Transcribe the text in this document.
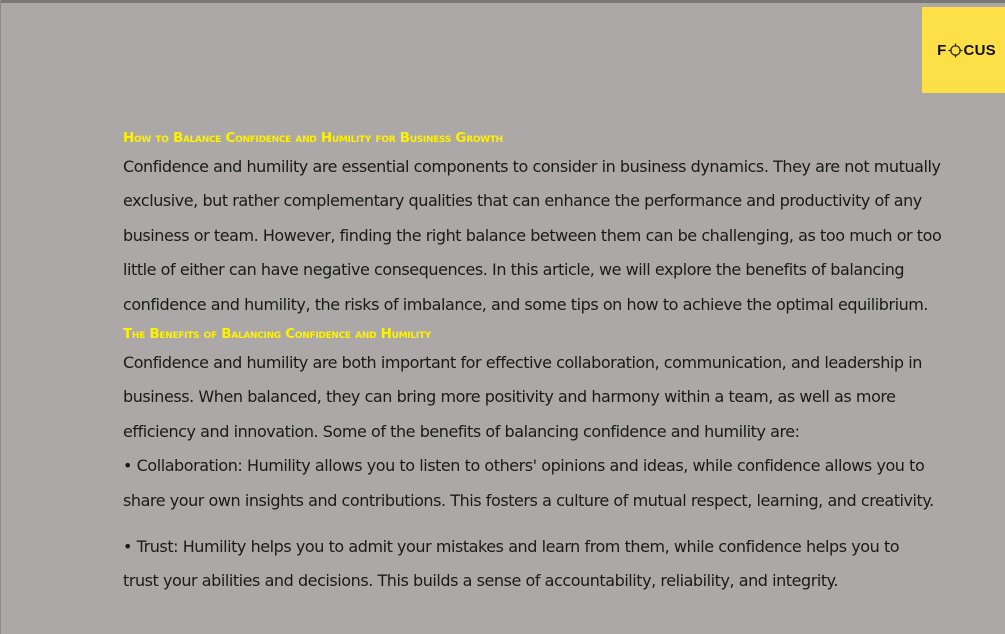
F CUS
How to Balance Confidence and Humility for Business Growth

Confidence and humility are essential components to consider in business dynamics. They are not mutually
exclusive, but rather complementary qualities that can enhance the performance and productivity of any
business or team. However, finding the right balance between them can be challenging, as too much or too
little of either can have negative consequences. In this article, we will explore the benefits of balancing
confidence and humility, the risks of imbalance, and some tips on how to achieve the optimal equilibrium.

The Benefits of Balancing Confidence and Humility

Confidence and humility are both important for effective collaboration, communication, and leadership in
business. When balanced, they can bring more positivity and harmony within a team, as well as more
efficiency and innovation. Some of the benefits of balancing confidence and humility are:

• Collaboration: Humility allows you to listen to others' opinions and ideas, while confidence allows you to
share your own insights and contributions. This fosters a culture of mutual respect, learning, and creativity.

• Trust: Humility helps you to admit your mistakes and learn from them, while confidence helps you to
trust your abilities and decisions. This builds a sense of accountability, reliability, and integrity.
